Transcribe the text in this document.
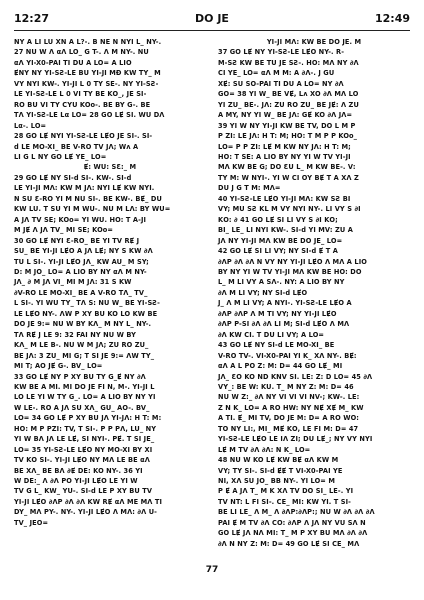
12:27	DO JE	12:49

NY A LI LU XN A L?-. B NE N NYI L_ NY-.

27 NU W Ʌ αɅ LO_ G T-. Ʌ M NY-. NU

αɅ YI-X0-PAI TI DU A LO= A LIO

ɆNY NY YI-SƧ-LE BU YI-JI MƉ KW TY_ M

VY NYI KW-. YI-JI L 0 TY SE-. NY YI-SƧ-

LE YI-SƧ-LE L 0 VI TY BE ΚO_, JE SI-

RO BU VI TY CYU KOo-. BE BY G-. BE

TɅ YI-SƧ-LE Lα LO= 28 GO LɆ SI. WU DɅ

Lα-. LO=

28 GO LɆ NYI YI-SƧ-LE LɆO JE SI-. SI-

d LE MO-XI_ BE V-RO TV JɅ; Wʌ A

LI G L NY GO LɆ YE_ LO=

Ɇ: WU: SƐ:_ M

29 GO LɆ NY SI-d SI-. KW-. SI-d

LE YI-JI MɅ: KW M JɅ: NYI LɆ KW NYI.

N SU Ɛ-RO YI M NU SI-. BE KW-. BɆ_ DU

KW LU. T SU YI M WU-. NU M LɅ: BY WU=

A JɅ TV SE; KOo= YI WU. HO: T A-JI

M JɆ Ʌ JɅ TV_ MI SE; KOo=

30 GO LɆ NYI Ɛ-RO_ BE YI TV RɆ J

SU_ BE YI-JI LɆO A JɅ LɆ; NY S ΚW ∂Ʌ

TU L SI-. YI-JI LɆO JɅ_ KW AU_ M SY;

D: M JO_ LO= A LIO BY NY αɅ M NY-

JɅ_ ∂ M JɅ VI_ MI M JɅ: 31 S ΚW

∂V-RO LE MO-XI_ BE A V-RO TɅ_ TV_

L SI-. YI WU TY_ TɅ S: NU W_ BE YI-SƧ-

LE LɆO NY-. ɅW P XY BU KO LO KW BE

DO JE 9:= NU W BY KɅ_ M NY L_ NY-.

TɅ RɆ J LE 9: 32 FAI NY NU W BY

KɅ_ M LE B-. NU W M JɅ; ZU RO ZU_

BE JɅ: 3 ZU_ MI G; T SI JE 9:= ɅW TY_

MI T; AO JɆ G-. BV_ LO=

33 GO LɆ NY P XY BU TY G_Ɇ NY ∂Ʌ

KW BE A MI. MI DO JE FI N, M-. YI-JI L

LO LE YI W TY G_. LO= A LIO BY NY YI

W LE-. RO A JɅ SU XɅ_ GU_ AO-. BV_

LO= 34 GO LɆ P XY BU JɅ YI-JɅ: H T: M:

HO: M P PZI: TV, T SI-. P P PɅ, LU_ NY

YI W BɅ JɅ LE LɆ, SI NYI-. PɆ. T SI JE_

LO= 35 YI-SƧ-LE LɆO NY MO-XI BY XI

TV ΚO SI-. YI-JI LɆO NY MɅ LE BE αɅ

BE XɅ_ BE BɅ ∂Ɇ DE: KO NY-. 36 YI

W DE:_ Ʌ ∂Ʌ PO YI-JI LɆO LE YI W

TV G L_ KW_ YU-. SI-d LE P XY BU TV

YI-JI LɆO ∂ɅP ∂Ʌ ∂Ʌ KW RɆ αɅ ME MɅ TI

DY_ MɅ PY-. NY-. YI-JI LɆO Ʌ MɅ: ∂Ʌ U-

TV_ JEO=

YI-JI MɅ: KW BE DO JE. M

37 GO LɆ NY YI-SƧ-LE LɆO NY-. R-

M-SƧ KW BE TU JE SƧ-. HO: MɅ NY ∂Ʌ

CI YE_ LO= αɅ M M: A ∂Ʌ-. J GU

XɆ: SU SO-PAI TI DU A LO= NY ∂Ʌ

GO= 38 YI W_ BE VɆ, Lʌ XO ∂Ʌ MɅ LO

YI ZU_ BE-. JɅ: ZU RO ZU_ BE JɆ: Ʌ ZU

A MY, NY YI W_ BE JɅ: GɆ KO ∂Ʌ JɅ=

39 YI W NY YI-JI KW BE TV, DO L M P

P ZI: LE JɅ: H T: M; HO: T M P P KOo_

LO= P P ZI: LɆ M KW NY JɅ: H T: M;

HO: T SE: A LIO BY NY YI W TV YI-JI

MɅ KW BE G; DO ƐU L_ M KW BE-. V:

TY M: W NYI-. YI W CI OY BɆ T A XɅ Z

DU J G T M: MɅ=

40 YI-SƧ-LE LɆO YI-JI MɅ: KW SƧ BI

VY; MU SƧ KL M VY NYI NY-. LI VY S ∂I

ΚO: ∂ 41 GO LɆ SI LI VY S ∂I ΚO;

BI_ LE_ LI NYI KW-. SI-d YI MV: ZU A

JɅ NY YI-JI MɅ KW BE DO JE_ LO=

42 GO LɆ SI LI VY; NY SI-d Ɇ T A

∂ɅP ∂Ʌ ∂Ʌ N VY NY YI-JI LɆO Ʌ MɅ A LIO

BY NY YI W TV YI-JI MɅ KW BE HO: DO

L_ M LI VY A SɅ-. NY: A LIO BY NY

∂Ʌ M LI VY; NY SI-d LɆO

J_ Ʌ M LI VY; A NYI-. YI-SƧ-LE LɆO A

∂ɅP ∂ɅP Ʌ M TI VY; NY YI-JI LɆO

∂ɅP P-SI ∂Ʌ ∂Ʌ LI M; SI-d LɆO Ʌ MɅ

∂Ʌ KW CI. T DU LI VY; A LO=

43 GO LɆ NY SI-d LE MO-XI_ BE

V-RO TV-. VI-X0-PAI YI K_ XɅ NY-. BɆ:

αɅ A L PO Z: M: D= 44 GO LɆ_ MI

JɅ_ ƐO KO ND KNV SI. LE: Z: D LO= 45 ∂Ʌ

VY_: BE W: KU. T_ M NY Z: M: D= 46

NU W Z:_ ∂Ʌ NY VI VI VI NV-; KW-. LE:

Z N K_ LO= A RO HW: NY NɆ XɆ M_ KW

A TI. Ɇ_ MI TV, DO JE M: D= A RO WO:

TO NY LI:, MI_ MɆ ΚO, LE FI M: D= 47

YI-SƧ-LE LɆO LE IɅ ZI; DU LɆ_; NY VY NYI

LɆ M TV ∂Ʌ ∂Ʌ: N K_ LO=

48 NU W KO LɆ KW BɆ αɅ KW M

VY; TY SI-. SI-d ɆɆ T VI-X0-PAI YE

NI, XɅ SU JO_ BB NY-. YI LO= M

P Ɇ A JɅ T_ M K XɅ TV DO SI_ LE-. YI

TV NT: L FI SI-. CE_ MI: KW YI. T SI-

BE LI LE_ Ʌ M_ Ʌ ∂ɅP:∂ɅP:; NU W ∂Ʌ ∂Ʌ ∂Ʌ

PAI Ɇ M TV ∂Ʌ CO: ∂ɅP Ʌ JɅ NY VU SɅ N

GO LɆ JɅ NɅ MI: T_ M P XY BU MɅ ∂Ʌ ∂Ʌ

∂Ʌ N NY Z: M: D= 49 GO LɆ SI CE_ MɅ

77
